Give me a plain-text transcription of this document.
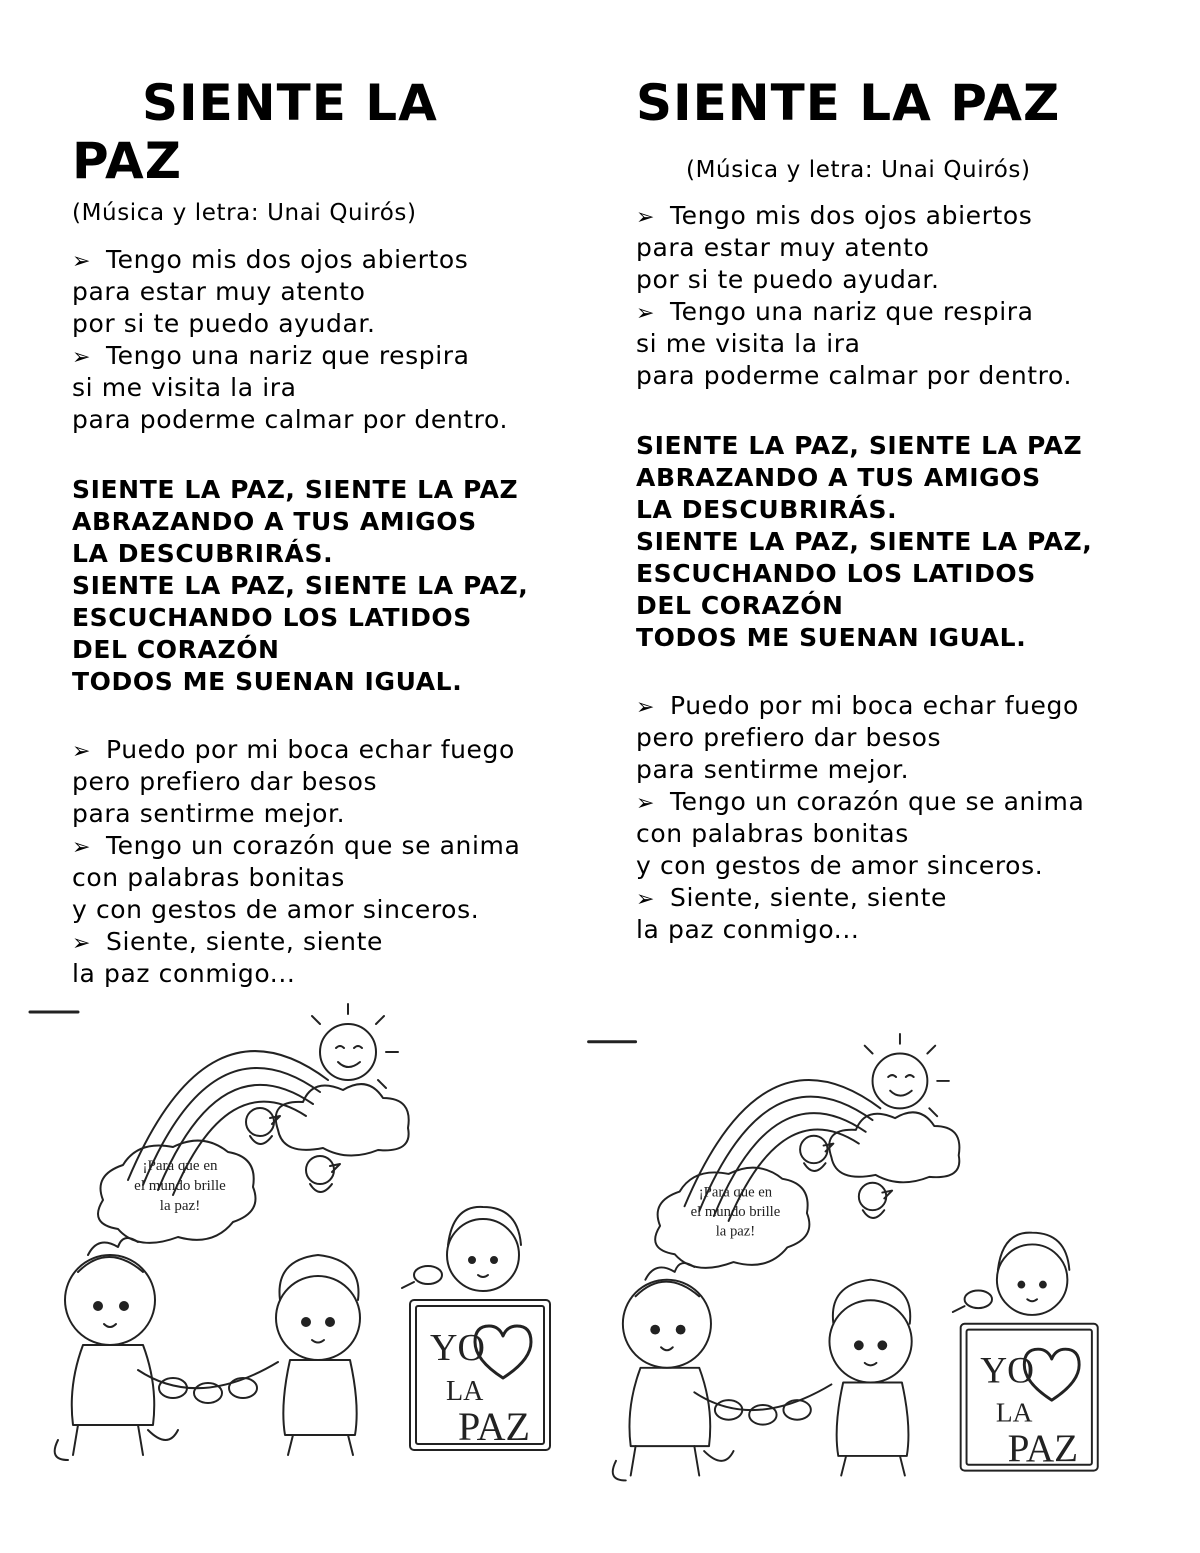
SIENTE LA
PAZ
(Música y letra: Unai Quirós)
➢ Tengo mis dos ojos abiertos
para estar muy atento
por si te puedo ayudar.
➢ Tengo una nariz que respira
si me visita la ira
para poderme calmar por dentro.
SIENTE LA PAZ, SIENTE LA PAZ
ABRAZANDO A TUS AMIGOS
LA DESCUBRIRÁS.
SIENTE LA PAZ, SIENTE LA PAZ,
ESCUCHANDO LOS LATIDOS
DEL CORAZÓN
TODOS ME SUENAN IGUAL.
➢ Puedo por mi boca echar fuego
pero prefiero dar besos
para sentirme mejor.
➢ Tengo un corazón que se anima
con palabras bonitas
y con gestos de amor sinceros.
➢ Siente, siente, siente
la paz conmigo...
SIENTE LA PAZ
(Música y letra: Unai Quirós)
➢ Tengo mis dos ojos abiertos
para estar muy atento
por si te puedo ayudar.
➢ Tengo una nariz que respira
si me visita la ira
para poderme calmar por dentro.
SIENTE LA PAZ, SIENTE LA PAZ
ABRAZANDO A TUS AMIGOS
LA DESCUBRIRÁS.
SIENTE LA PAZ, SIENTE LA PAZ,
ESCUCHANDO LOS LATIDOS
DEL CORAZÓN
TODOS ME SUENAN IGUAL.
➢ Puedo por mi boca echar fuego
pero prefiero dar besos
para sentirme mejor.
➢ Tengo un corazón que se anima
con palabras bonitas
y con gestos de amor sinceros.
➢ Siente, siente, siente
la paz conmigo...
¡Para que en
el mundo brille
la paz!
YO
LA
PAZ
¡Para que en
el mundo brille
la paz!
YO
LA
PAZ
